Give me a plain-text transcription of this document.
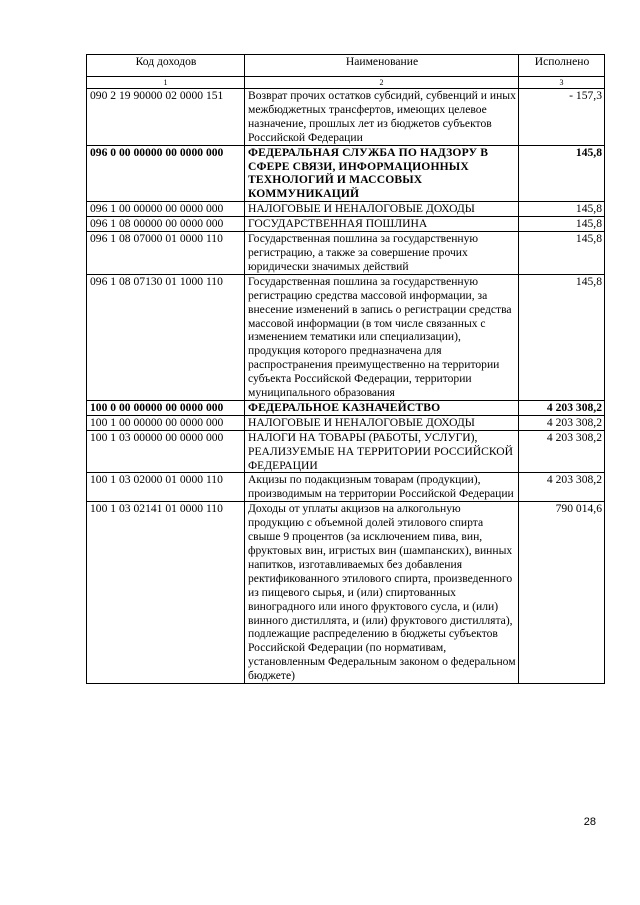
Код доходов	Наименование	Исполнено
1	2	3
090 2 19 90000 02 0000 151	Возврат прочих остатков субсидий, субвенций и иных межбюджетных трансфертов, имеющих целевое назначение, прошлых лет из бюджетов субъектов Российской Федерации	- 157,3
096 0 00 00000 00 0000 000	ФЕДЕРАЛЬНАЯ СЛУЖБА ПО НАДЗОРУ В СФЕРЕ СВЯЗИ, ИНФОРМАЦИОННЫХ ТЕХНОЛОГИЙ И МАССОВЫХ КОММУНИКАЦИЙ	145,8
096 1 00 00000 00 0000 000	НАЛОГОВЫЕ И НЕНАЛОГОВЫЕ ДОХОДЫ	145,8
096 1 08 00000 00 0000 000	ГОСУДАРСТВЕННАЯ ПОШЛИНА	145,8
096 1 08 07000 01 0000 110	Государственная пошлина за государственную регистрацию, а также за совершение прочих юридически значимых действий	145,8
096 1 08 07130 01 1000 110	Государственная пошлина за государственную регистрацию средства массовой информации, за внесение изменений в запись о регистрации средства массовой информации (в том числе связанных с изменением тематики или специализации), продукция которого предназначена для распространения преимущественно на территории субъекта Российской Федерации, территории муниципального образования	145,8
100 0 00 00000 00 0000 000	ФЕДЕРАЛЬНОЕ КАЗНАЧЕЙСТВО	4 203 308,2
100 1 00 00000 00 0000 000	НАЛОГОВЫЕ И НЕНАЛОГОВЫЕ ДОХОДЫ	4 203 308,2
100 1 03 00000 00 0000 000	НАЛОГИ НА ТОВАРЫ (РАБОТЫ, УСЛУГИ), РЕАЛИЗУЕМЫЕ НА ТЕРРИТОРИИ РОССИЙСКОЙ ФЕДЕРАЦИИ	4 203 308,2
100 1 03 02000 01 0000 110	Акцизы по подакцизным товарам (продукции), производимым на территории Российской Федерации	4 203 308,2
100 1 03 02141 01 0000 110	Доходы от уплаты акцизов на алкогольную продукцию с объемной долей этилового спирта свыше 9 процентов (за исключением пива, вин, фруктовых вин, игристых вин (шампанских), винных напитков, изготавливаемых без добавления ректификованного этилового спирта, произведенного из пищевого сырья, и (или) спиртованных виноградного или иного фруктового сусла, и (или) винного дистиллята, и (или) фруктового дистиллята), подлежащие распределению в бюджеты субъектов Российской Федерации (по нормативам, установленным Федеральным законом о федеральном бюджете)	790 014,6
28
